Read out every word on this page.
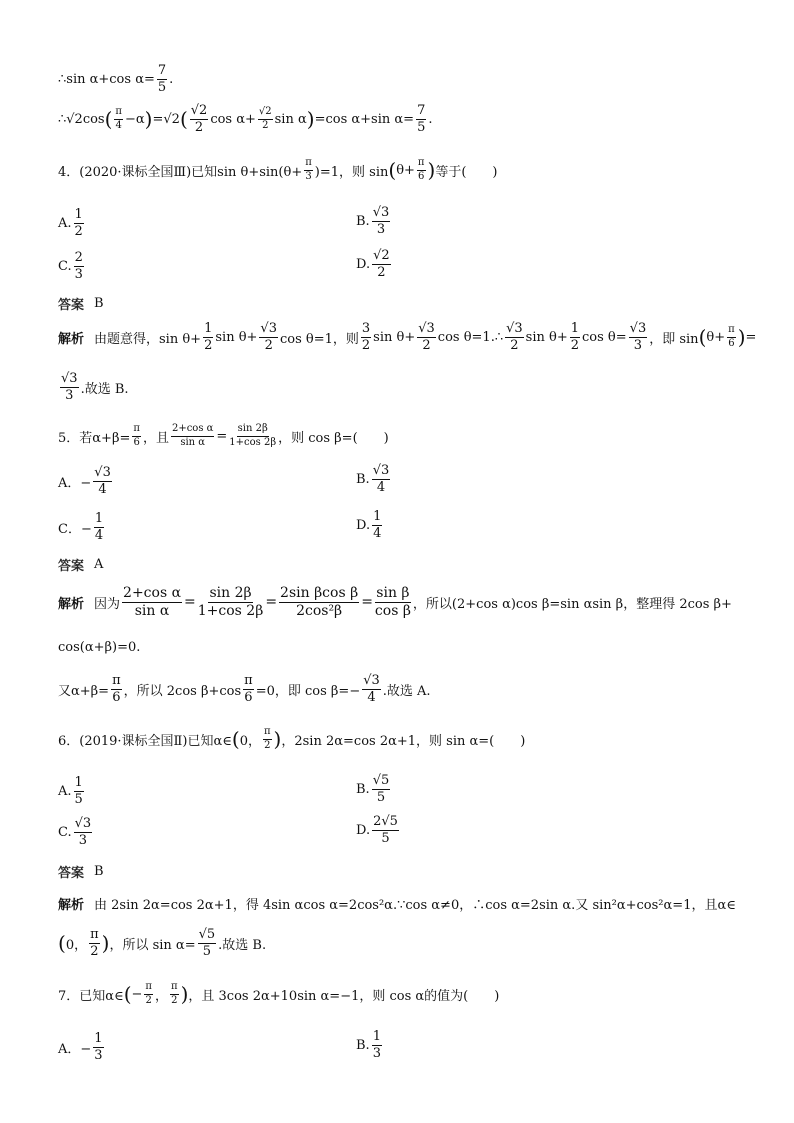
∴sin α+cos $\alpha= \frac{7}{5}$ .
∴√2cos ( $\frac{\pi}{4} -\alpha$ ) =√2 ( $\frac{√2}{2}$ $\cos \alpha+ \frac{√2}{2}$ sin α ) =cos α+sin $\alpha= \frac{7}{5}$ .
4．(2020·课标全国Ⅲ)已知$\sin \theta+\sin(\theta+ \frac{\pi}{3} )=1$，则 sin ( $\theta+ \frac{\pi}{6}$ ) 等于(　　)
A. $\frac{1}{2}$	B. $\frac{√3}{3}$
C. $\frac{2}{3}$	D. $\frac{√2}{2}$
答案 B
解析 由题意得，$\sin \theta+ \frac{1}{2}$ $\sin \theta+ \frac{√3}{2}$ cos θ=1，则 $\frac{3}{2}$ $\sin \theta+ \frac{√3}{2}$ cos θ=1.∴ $\frac{√3}{2}$ $\sin \theta+ \frac{1}{2}$ $\cos \theta= \frac{√3}{3}$ ，即 sin ( $\theta+ \frac{\pi}{6}$ ) =
$\frac{√3}{3}$ .故选 B.
5．若$\alpha+\beta= \frac{\pi}{6}$ ，且 $\frac{\text{2+cos α}}{\text{sin α}} = \frac{\sin 2\beta}{1+\cos 2\beta}$ ，则 cos β=(　　)
A．− $\frac{√3}{4}$	B. $\frac{√3}{4}$
C．− $\frac{1}{4}$	D. $\frac{1}{4}$
答案 A
解析 因为 $\frac{\text{2+cos α}}{\text{sin α}} = \frac{\sin 2\beta}{1+\cos 2\beta} = \frac{\text{2sin βcos β}}{\text{2cos²β}} = \frac{\text{sin β}}{\text{cos β}}$ ，所以(2+cos α)cos β=sin αsin β，整理得 2cos β+
cos(α+β)=0.
又$\alpha+\beta= \frac{\pi}{6}$ ，所以 2cos $\beta+\cos \frac{\pi}{6} =0$，即 $\cos \beta=- \frac{√3}{4}$ .故选 A.
6．(2019·课标全国Ⅱ)已知α∈ ( 0， $\frac{\pi}{2}$ ) ，2sin 2α=cos 2α+1，则 sin α=(　　)
A. $\frac{1}{5}$	B. $\frac{√5}{5}$
C. $\frac{√3}{3}$	D. $\frac{2√5}{5}$
答案 B
解析 由 2sin 2α=cos 2α+1，得 4sin αcos α=2cos²α.∵cos α≠0，∴cos α=2sin α.又 sin²α+cos²α=1，且α∈
( 0， $\frac{\pi}{2}$ ) ，所以 $\sin \alpha= \frac{√5}{5}$ .故选 B.
7．已知α∈ ( − $\frac{\pi}{2}$ ， $\frac{\pi}{2}$ ) ，且 3cos 2α+10sin α=−1，则 cos α的值为(　　)
A．− $\frac{1}{3}$	B. $\frac{1}{3}$
